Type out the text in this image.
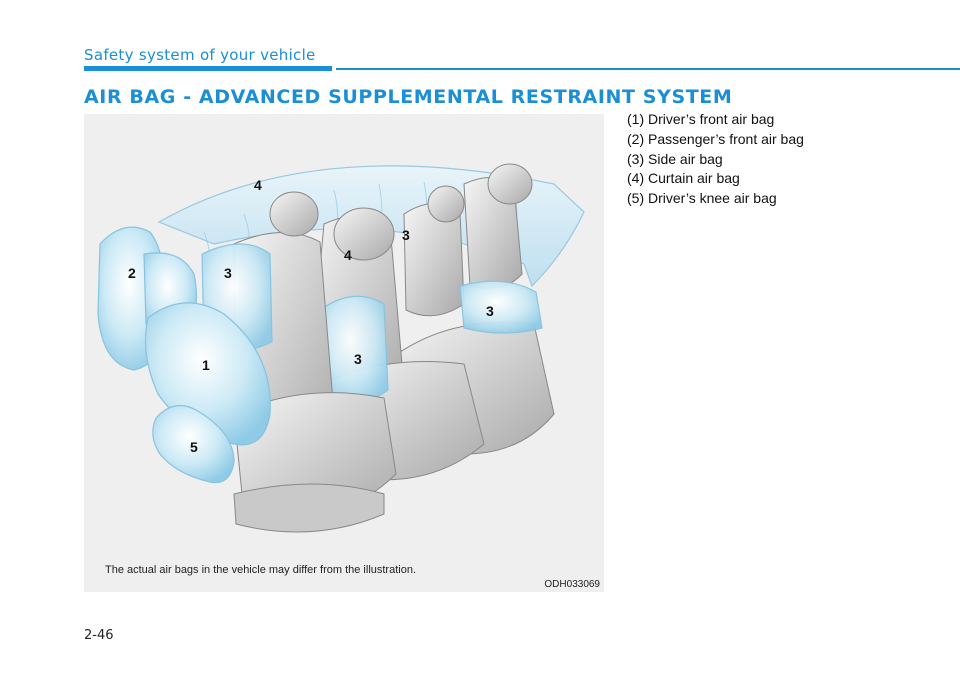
Safety system of your vehicle
AIR BAG - ADVANCED SUPPLEMENTAL RESTRAINT SYSTEM
4
2	3
4
3
1	3
3
5
The actual air bags in the vehicle may differ from the illustration.
ODH033069
(1) Driver’s front air bag
(2) Passenger’s front air bag
(3) Side air bag
(4) Curtain air bag
(5) Driver’s knee air bag
2-46
